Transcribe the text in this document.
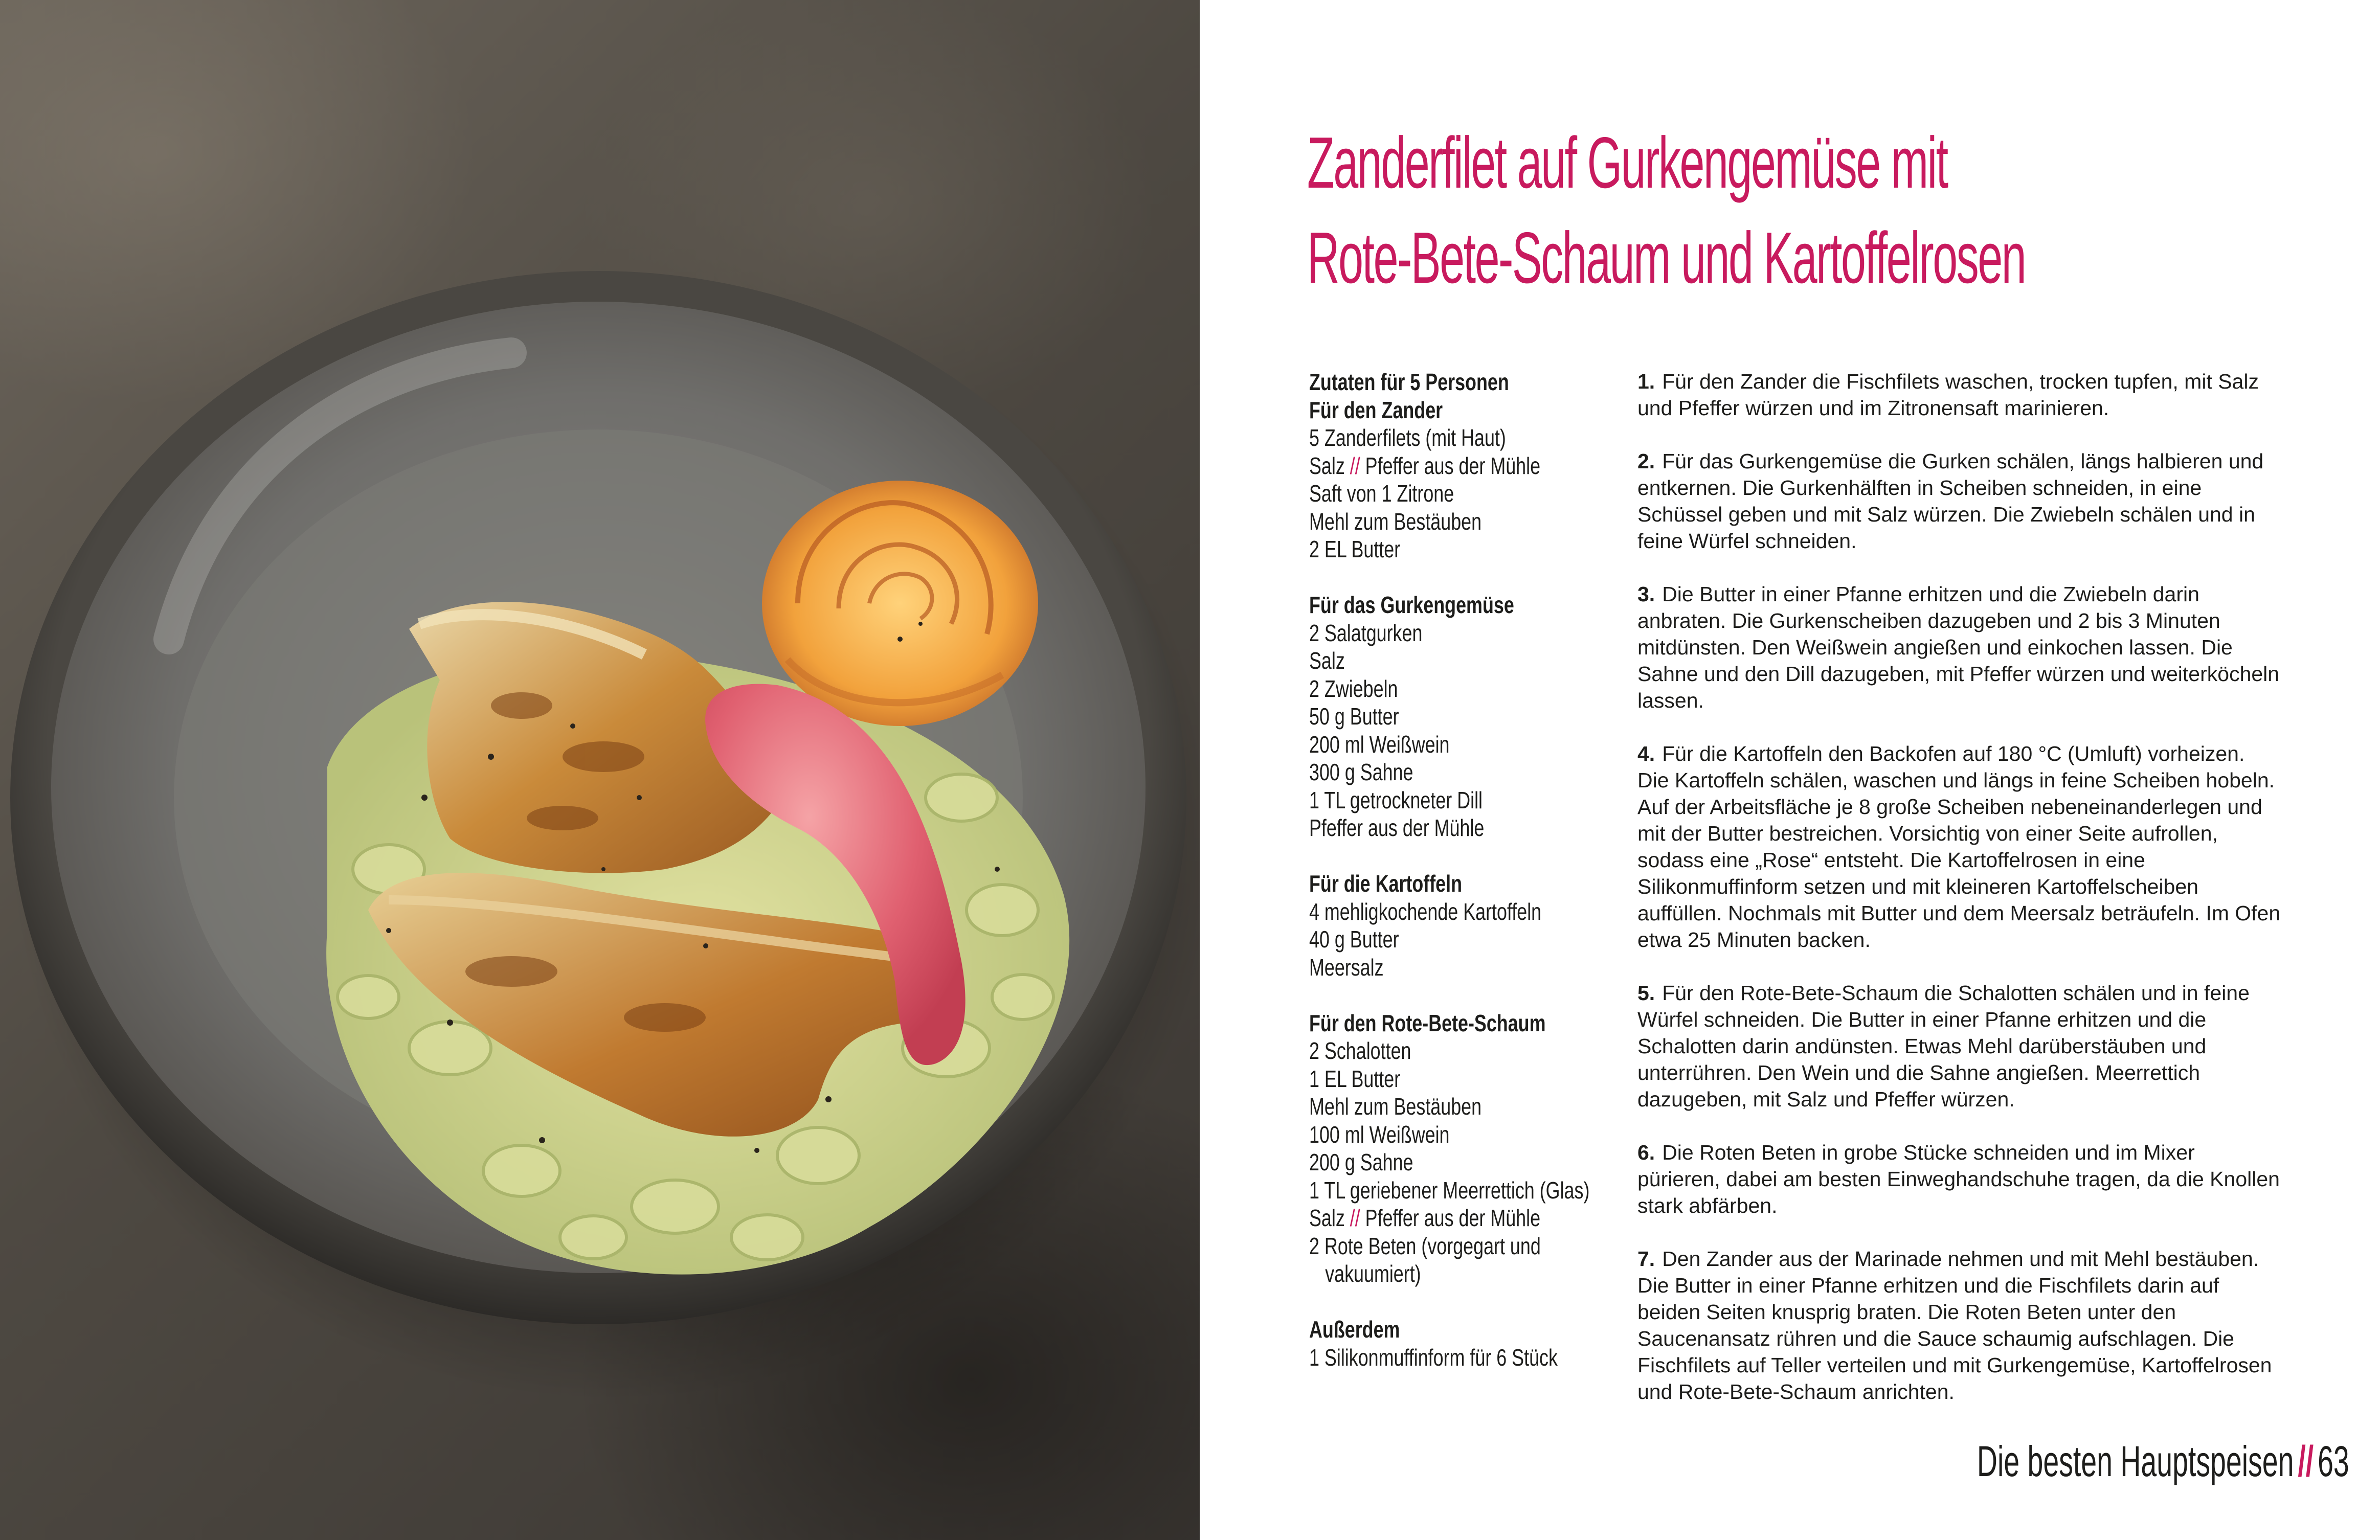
Zanderfilet auf Gurkengemüse mit
Rote-Bete-Schaum und Kartoffelrosen
Zutaten für 5 Personen
Für den Zander
5 Zanderfilets (mit Haut)
Salz // Pfeffer aus der Mühle
Saft von 1 Zitrone
Mehl zum Bestäuben
2 EL Butter
Für das Gurkengemüse
2 Salatgurken
Salz
2 Zwiebeln
50 g Butter
200 ml Weißwein
300 g Sahne
1 TL getrockneter Dill
Pfeffer aus der Mühle
Für die Kartoffeln
4 mehligkochende Kartoffeln
40 g Butter
Meersalz
Für den Rote-Bete-Schaum
2 Schalotten
1 EL Butter
Mehl zum Bestäuben
100 ml Weißwein
200 g Sahne
1 TL geriebener Meerrettich (Glas)
Salz // Pfeffer aus der Mühle
2 Rote Beten (vorgegart und
vakuumiert)
Außerdem
1 Silikonmuffinform für 6 Stück

1. Für den Zander die Fischfilets waschen, trocken tupfen, mit Salz und Pfeffer würzen und im Zitronensaft marinieren.

2. Für das Gurkengemüse die Gurken schälen, längs halbieren und entkernen. Die Gurkenhälften in Scheiben schneiden, in eine Schüssel geben und mit Salz würzen. Die Zwiebeln schälen und in feine Würfel schneiden.

3. Die Butter in einer Pfanne erhitzen und die Zwiebeln darin anbraten. Die Gurkenscheiben dazugeben und 2 bis 3 Minuten mitdünsten. Den Weißwein angießen und einkochen lassen. Die Sahne und den Dill dazugeben, mit Pfeffer würzen und weiterköcheln lassen.

4. Für die Kartoffeln den Backofen auf 180 °C (Umluft) vorheizen. Die Kartoffeln schälen, waschen und längs in feine Scheiben hobeln. Auf der Arbeitsfläche je 8 große Scheiben nebeneinanderlegen und mit der Butter bestreichen. Vorsichtig von einer Seite aufrollen, sodass eine „Rose“ entsteht. Die Kartoffelrosen in eine Silikonmuffinform setzen und mit kleineren Kartoffelscheiben auffüllen. Nochmals mit Butter und dem Meersalz beträufeln. Im Ofen etwa 25 Minuten backen.

5. Für den Rote-Bete-Schaum die Schalotten schälen und in feine Würfel schneiden. Die Butter in einer Pfanne erhitzen und die Schalotten darin andünsten. Etwas Mehl darüberstäuben und unterrühren. Den Wein und die Sahne angießen. Meerrettich dazugeben, mit Salz und Pfeffer würzen.

6. Die Roten Beten in grobe Stücke schneiden und im Mixer pürieren, dabei am besten Einweghandschuhe tragen, da die Knollen stark abfärben.

7. Den Zander aus der Marinade nehmen und mit Mehl bestäuben. Die Butter in einer Pfanne erhitzen und die Fischfilets darin auf beiden Seiten knusprig braten. Die Roten Beten unter den Saucenansatz rühren und die Sauce schaumig aufschlagen. Die Fischfilets auf Teller verteilen und mit Gurkengemüse, Kartoffelrosen und Rote-Bete-Schaum anrichten.

Die besten Hauptspeisen//63
